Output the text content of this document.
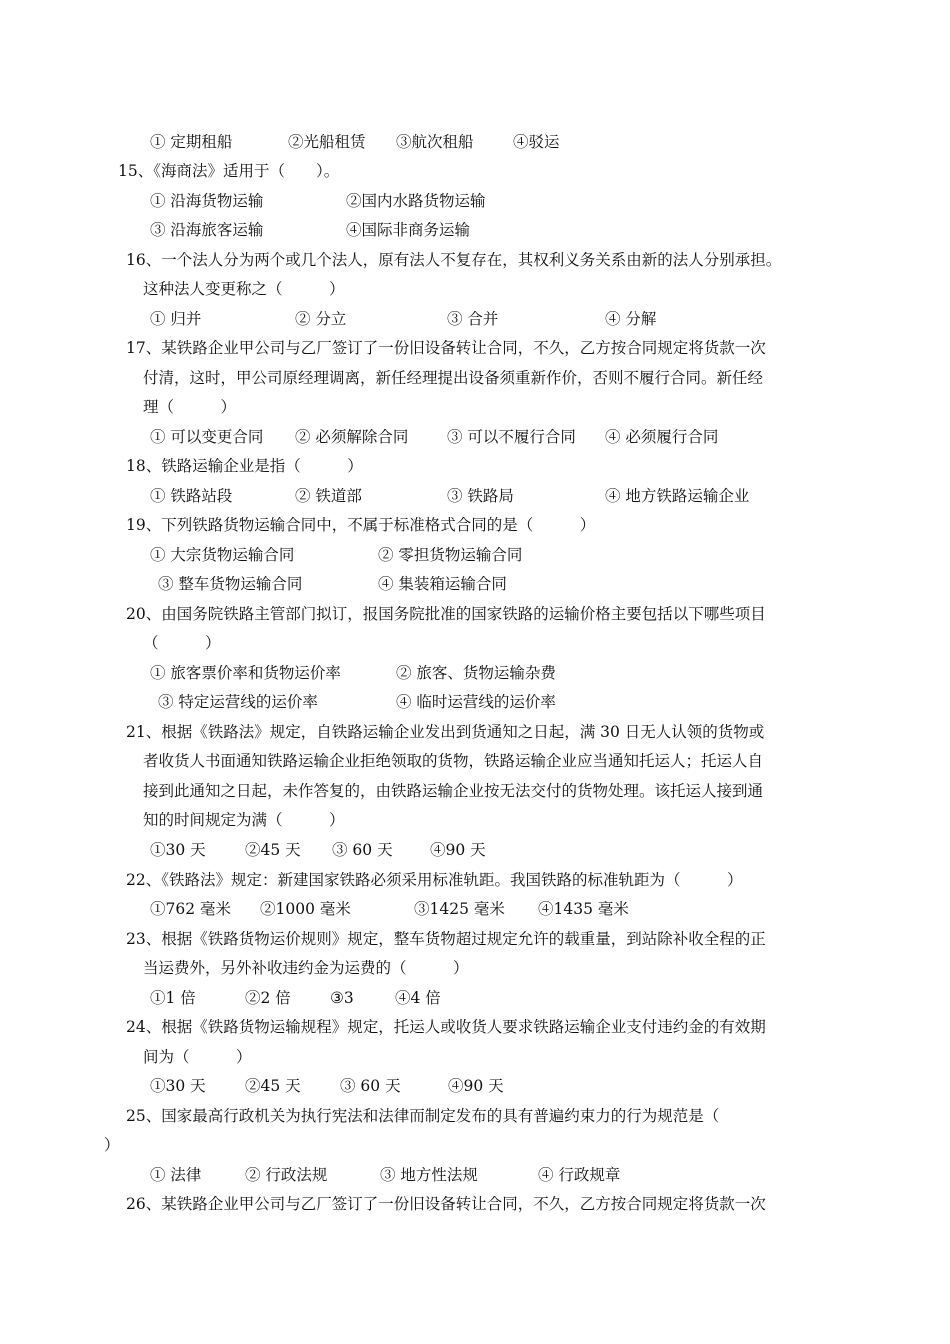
① 定期租船	②光船租赁 ③航次租船	④驳运
15、《海商法》适用于（　　）。
① 沿海货物运输	②国内水路货物运输
③ 沿海旅客运输	④国际非商务运输
16、一个法人分为两个或几个法人，原有法人不复存在，其权利义务关系由新的法人分别承担。
这种法人变更称之（　　　）
① 归并	② 分立	③ 合并	④ 分解
17、某铁路企业甲公司与乙厂签订了一份旧设备转让合同，不久，乙方按合同规定将货款一次
付清，这时，甲公司原经理调离，新任经理提出设备须重新作价，否则不履行合同。新任经
理（　　　）
① 可以变更合同 ② 必须解除合同 ③ 可以不履行合同 ④ 必须履行合同
18、铁路运输企业是指（　　　）
① 铁路站段	② 铁道部	③ 铁路局	④ 地方铁路运输企业
19、下列铁路货物运输合同中，不属于标准格式合同的是（　　　）
① 大宗货物运输合同	② 零担货物运输合同
③ 整车货物运输合同	④ 集装箱运输合同
20、由国务院铁路主管部门拟订，报国务院批准的国家铁路的运输价格主要包括以下哪些项目
（　　　）
① 旅客票价率和货物运价率	② 旅客、货物运输杂费
③ 特定运营线的运价率	④ 临时运营线的运价率
21、根据《铁路法》规定，自铁路运输企业发出到货通知之日起，满 30 日无人认领的货物或
者收货人书面通知铁路运输企业拒绝领取的货物，铁路运输企业应当通知托运人；托运人自
接到此通知之日起，未作答复的，由铁路运输企业按无法交付的货物处理。该托运人接到通
知的时间规定为满（　　　）
①30 天	②45 天 ③ 60 天 ④90 天
22、《铁路法》规定：新建国家铁路必须采用标准轨距。我国铁路的标准轨距为（　　　）
①762 毫米 ②1000 毫米	③1425 毫米 ④1435 毫米
23、根据《铁路货物运价规则》规定，整车货物超过规定允许的载重量，到站除补收全程的正
当运费外，另外补收违约金为运费的（　　　）
①1 倍	②2 倍	③3	④4 倍
24、根据《铁路货物运输规程》规定，托运人或收货人要求铁路运输企业支付违约金的有效期
间为（　　　）
①30 天	②45 天	③ 60 天	④90 天
25、国家最高行政机关为执行宪法和法律而制定发布的具有普遍约束力的行为规范是（
）
① 法律	② 行政法规	③ 地方性法规	④ 行政规章
26、某铁路企业甲公司与乙厂签订了一份旧设备转让合同，不久，乙方按合同规定将货款一次
